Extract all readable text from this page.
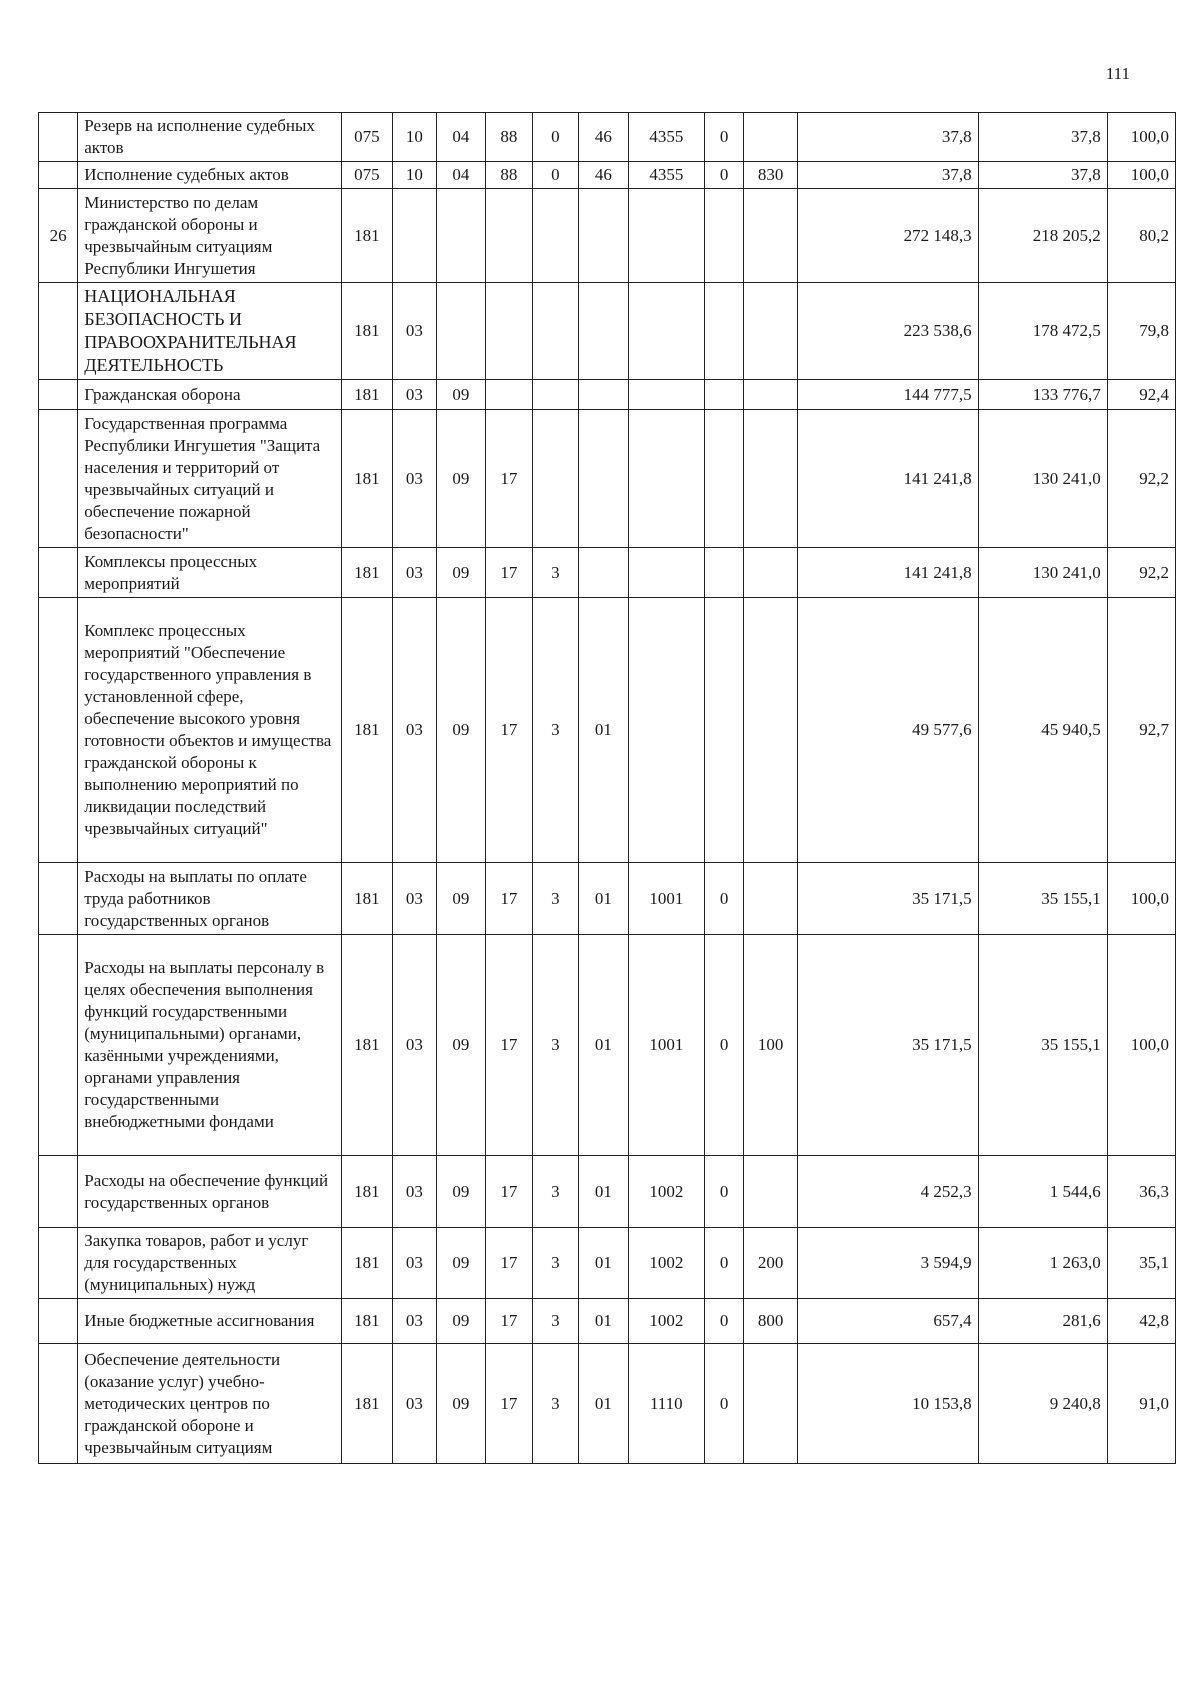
111
	Резерв на исполнение судебных актов	075	10	04	88	0	46	4355	0		37,8	37,8	100,0
	Исполнение судебных актов	075	10	04	88	0	46	4355	0	830	37,8	37,8	100,0
26	Министерство по делам гражданской обороны и чрезвычайным ситуациям Республики Ингушетия	181									272 148,3	218 205,2	80,2
	НАЦИОНАЛЬНАЯ БЕЗОПАСНОСТЬ И ПРАВООХРАНИТЕЛЬНАЯ ДЕЯТЕЛЬНОСТЬ	181	03								223 538,6	178 472,5	79,8
	Гражданская оборона	181	03	09							144 777,5	133 776,7	92,4
	Государственная программа Республики Ингушетия "Защита населения и территорий от чрезвычайных ситуаций и обеспечение пожарной безопасности"	181	03	09	17						141 241,8	130 241,0	92,2
	Комплексы процессных мероприятий	181	03	09	17	3					141 241,8	130 241,0	92,2
	Комплекс процессных мероприятий "Обеспечение государственного управления в установленной сфере, обеспечение высокого уровня готовности объектов и имущества гражданской обороны к выполнению мероприятий по ликвидации последствий чрезвычайных ситуаций"	181	03	09	17	3	01				49 577,6	45 940,5	92,7
	Расходы на выплаты по оплате труда работников государственных органов	181	03	09	17	3	01	1001	0		35 171,5	35 155,1	100,0
	Расходы на выплаты персоналу в целях обеспечения выполнения функций государственными (муниципальными) органами, казёнными учреждениями, органами управления государственными внебюджетными фондами	181	03	09	17	3	01	1001	0	100	35 171,5	35 155,1	100,0
	Расходы на обеспечение функций государственных органов	181	03	09	17	3	01	1002	0		4 252,3	1 544,6	36,3
	Закупка товаров, работ и услуг для государственных (муниципальных) нужд	181	03	09	17	3	01	1002	0	200	3 594,9	1 263,0	35,1
	Иные бюджетные ассигнования	181	03	09	17	3	01	1002	0	800	657,4	281,6	42,8
	Обеспечение деятельности (оказание услуг) учебно-методических центров по гражданской обороне и чрезвычайным ситуациям	181	03	09	17	3	01	1110	0		10 153,8	9 240,8	91,0
